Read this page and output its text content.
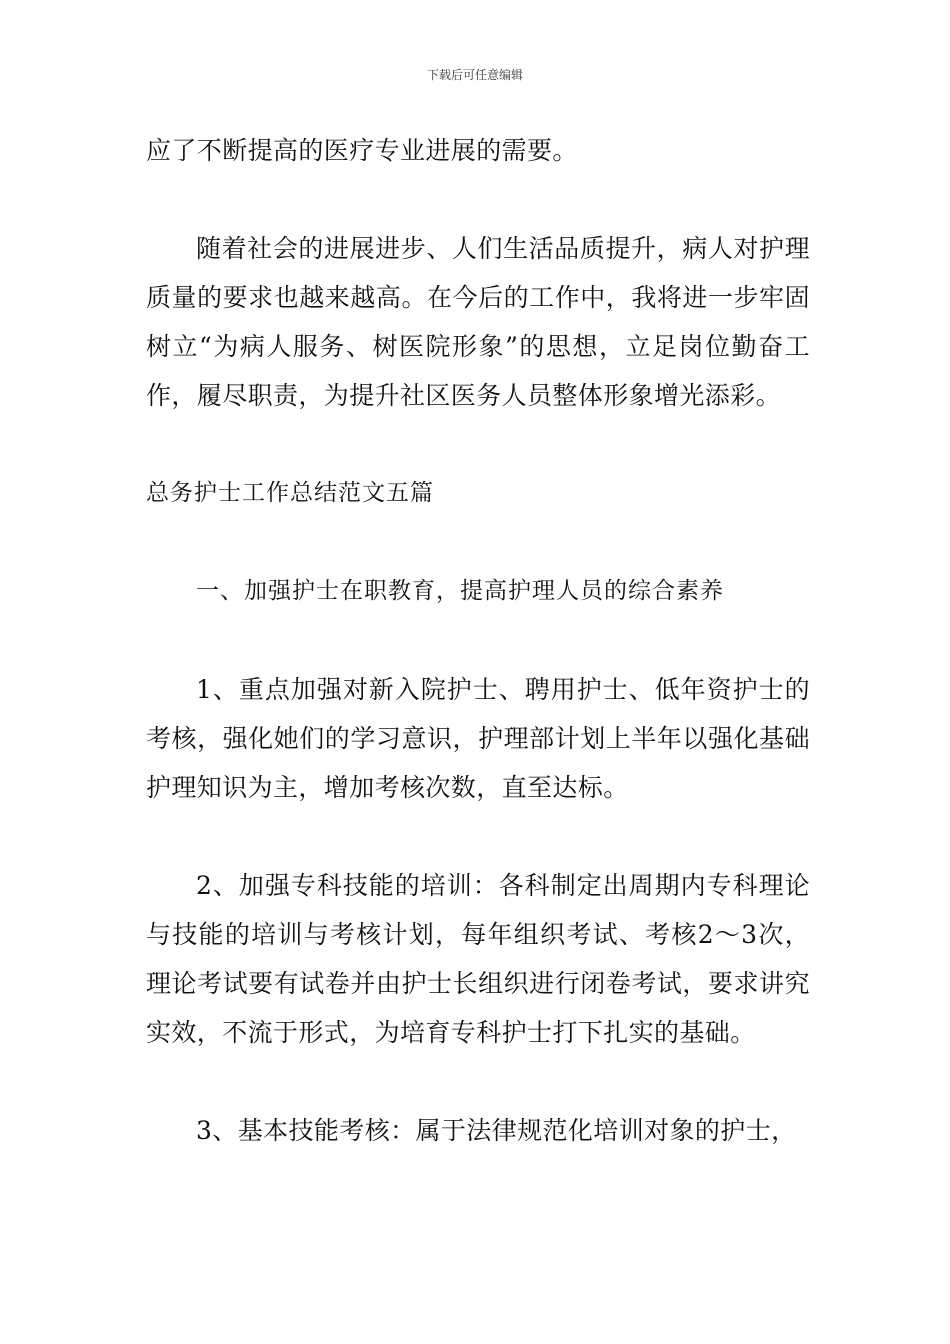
下载后可任意编辑

应了不断提高的医疗专业进展的需要。

随着社会的进展进步、人们生活品质提升，病人对护理质量的要求也越来越高。在今后的工作中，我将进一步牢固树立“为病人服务、树医院形象”的思想，立足岗位勤奋工作，履尽职责，为提升社区医务人员整体形象增光添彩。

总务护士工作总结范文五篇

一、加强护士在职教育，提高护理人员的综合素养

1、重点加强对新入院护士、聘用护士、低年资护士的考核，强化她们的学习意识，护理部计划上半年以强化基础护理知识为主，增加考核次数，直至达标。

2、加强专科技能的培训：各科制定出周期内专科理论与技能的培训与考核计划，每年组织考试、考核2～3次，理论考试要有试卷并由护士长组织进行闭卷考试，要求讲究实效，不流于形式，为培育专科护士打下扎实的基础。

3、基本技能考核：属于法律规范化培训对象的护士，
